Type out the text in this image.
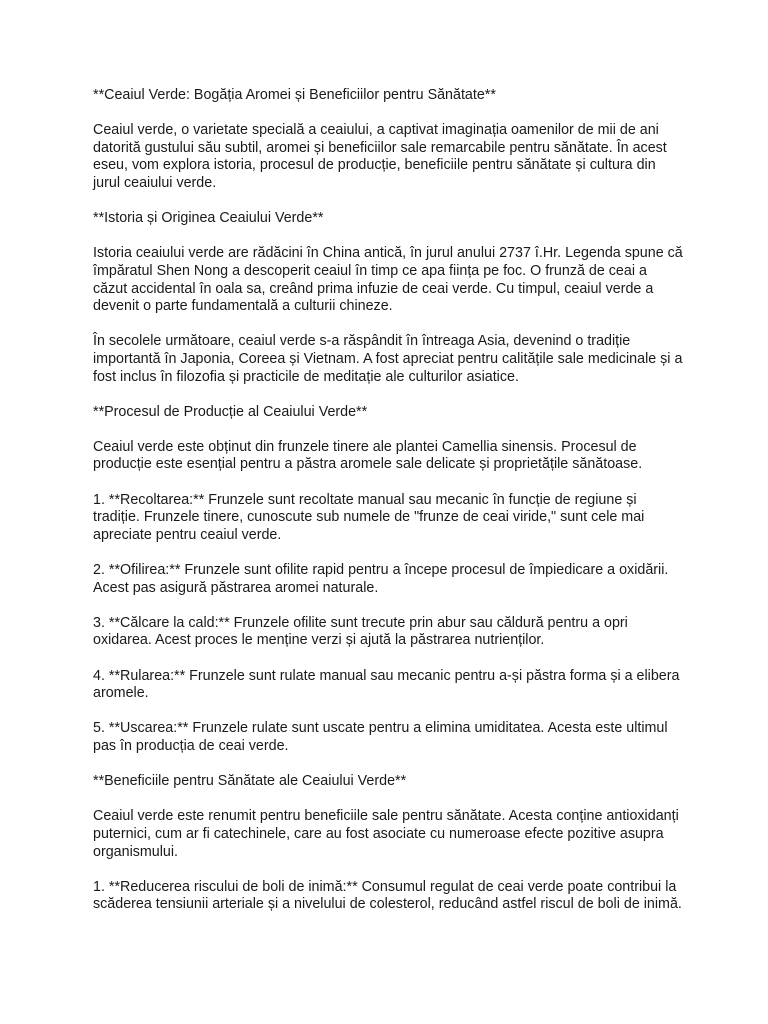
**Ceaiul Verde: Bogăția Aromei și Beneficiilor pentru Sănătate**

Ceaiul verde, o varietate specială a ceaiului, a captivat imaginația oamenilor de mii de ani datorită gustului său subtil, aromei și beneficiilor sale remarcabile pentru sănătate. În acest eseu, vom explora istoria, procesul de producție, beneficiile pentru sănătate și cultura din jurul ceaiului verde.

**Istoria și Originea Ceaiului Verde**

Istoria ceaiului verde are rădăcini în China antică, în jurul anului 2737 î.Hr. Legenda spune că împăratul Shen Nong a descoperit ceaiul în timp ce apa ființa pe foc. O frunză de ceai a căzut accidental în oala sa, creând prima infuzie de ceai verde. Cu timpul, ceaiul verde a devenit o parte fundamentală a culturii chineze.

În secolele următoare, ceaiul verde s-a răspândit în întreaga Asia, devenind o tradiție importantă în Japonia, Coreea și Vietnam. A fost apreciat pentru calitățile sale medicinale și a fost inclus în filozofia și practicile de meditație ale culturilor asiatice.

**Procesul de Producție al Ceaiului Verde**

Ceaiul verde este obținut din frunzele tinere ale plantei Camellia sinensis. Procesul de producție este esențial pentru a păstra aromele sale delicate și proprietățile sănătoase.

1. **Recoltarea:** Frunzele sunt recoltate manual sau mecanic în funcție de regiune și tradiție. Frunzele tinere, cunoscute sub numele de "frunze de ceai viride," sunt cele mai apreciate pentru ceaiul verde.

2. **Ofilirea:** Frunzele sunt ofilite rapid pentru a începe procesul de împiedicare a oxidării. Acest pas asigură păstrarea aromei naturale.

3. **Călcare la cald:** Frunzele ofilite sunt trecute prin abur sau căldură pentru a opri oxidarea. Acest proces le menține verzi și ajută la păstrarea nutrienților.

4. **Rularea:** Frunzele sunt rulate manual sau mecanic pentru a-și păstra forma și a elibera aromele.

5. **Uscarea:** Frunzele rulate sunt uscate pentru a elimina umiditatea. Acesta este ultimul pas în producția de ceai verde.

**Beneficiile pentru Sănătate ale Ceaiului Verde**

Ceaiul verde este renumit pentru beneficiile sale pentru sănătate. Acesta conține antioxidanți puternici, cum ar fi catechinele, care au fost asociate cu numeroase efecte pozitive asupra organismului.

1. **Reducerea riscului de boli de inimă:** Consumul regulat de ceai verde poate contribui la scăderea tensiunii arteriale și a nivelului de colesterol, reducând astfel riscul de boli de inimă.
